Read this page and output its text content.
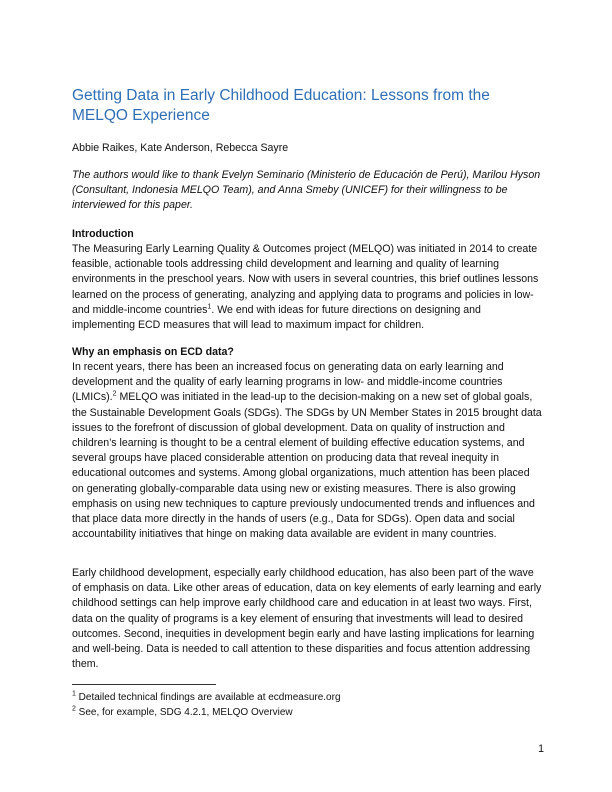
Getting Data in Early Childhood Education: Lessons from the MELQO Experience

Abbie Raikes, Kate Anderson, Rebecca Sayre

The authors would like to thank Evelyn Seminario (Ministerio de Educación de Perú), Marilou Hyson (Consultant, Indonesia MELQO Team), and Anna Smeby (UNICEF) for their willingness to be interviewed for this paper.

Introduction

The Measuring Early Learning Quality & Outcomes project (MELQO) was initiated in 2014 to create feasible, actionable tools addressing child development and learning and quality of learning environments in the preschool years. Now with users in several countries, this brief outlines lessons learned on the process of generating, analyzing and applying data to programs and policies in low- and middle-income countries$^1$. We end with ideas for future directions on designing and implementing ECD measures that will lead to maximum impact for children.

Why an emphasis on ECD data?

In recent years, there has been an increased focus on generating data on early learning and development and the quality of early learning programs in low- and middle-income countries (LMICs).$^2$ MELQO was initiated in the lead-up to the decision-making on a new set of global goals, the Sustainable Development Goals (SDGs). The SDGs by UN Member States in 2015 brought data issues to the forefront of discussion of global development. Data on quality of instruction and children’s learning is thought to be a central element of building effective education systems, and several groups have placed considerable attention on producing data that reveal inequity in educational outcomes and systems. Among global organizations, much attention has been placed on generating globally-comparable data using new or existing measures. There is also growing emphasis on using new techniques to capture previously undocumented trends and influences and that place data more directly in the hands of users (e.g., Data for SDGs). Open data and social accountability initiatives that hinge on making data available are evident in many countries.

Early childhood development, especially early childhood education, has also been part of the wave of emphasis on data. Like other areas of education, data on key elements of early learning and early childhood settings can help improve early childhood care and education in at least two ways. First, data on the quality of programs is a key element of ensuring that investments will lead to desired outcomes. Second, inequities in development begin early and have lasting implications for learning and well-being. Data is needed to call attention to these disparities and focus attention addressing them.

$^1$ Detailed technical findings are available at ecdmeasure.org

$^2$ See, for example, SDG 4.2.1, MELQO Overview

1
